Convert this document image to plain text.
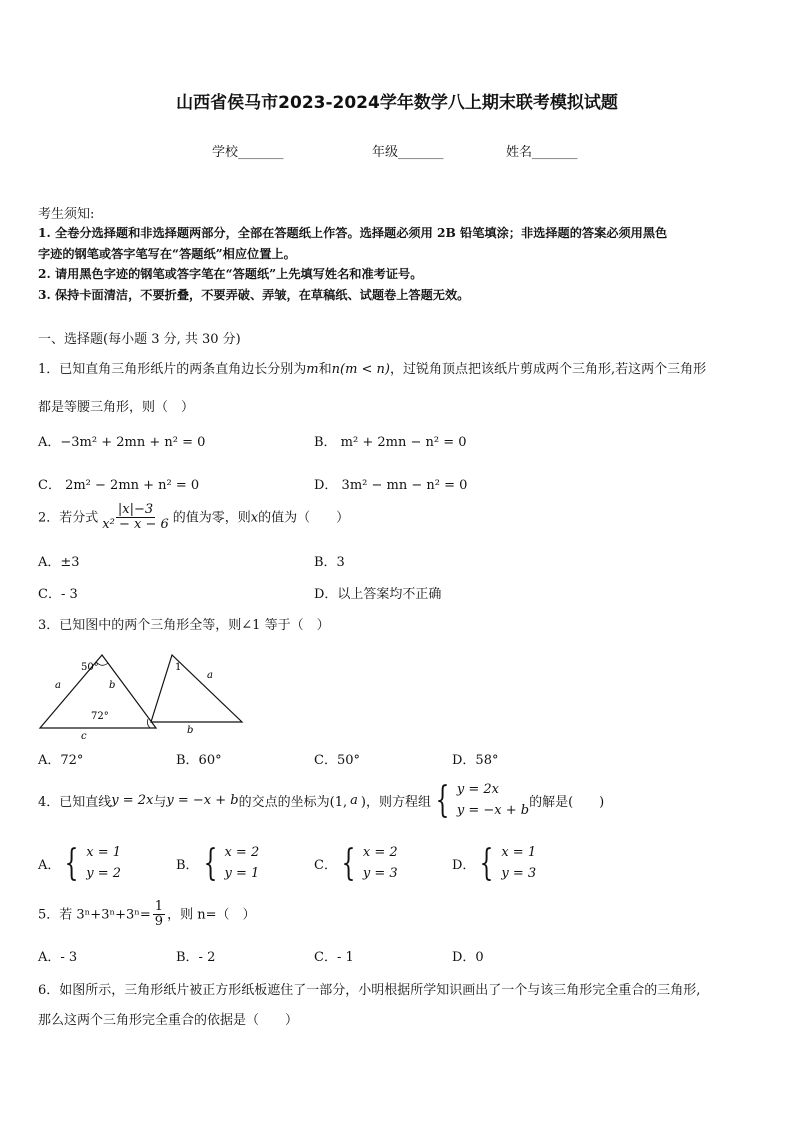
山西省侯马市2023-2024学年数学八上期末联考模拟试题
学校_______	年级_______	姓名_______
考生须知:
1. 全卷分选择题和非选择题两部分，全部在答题纸上作答。选择题必须用 2B 铅笔填涂；非选择题的答案必须用黑色
字迹的钢笔或答字笔写在“答题纸”相应位置上。
2. 请用黑色字迹的钢笔或答字笔在“答题纸”上先填写姓名和准考证号。
3. 保持卡面清洁，不要折叠，不要弄破、弄皱，在草稿纸、试题卷上答题无效。
一、选择题(每小题 3 分, 共 30 分)
1．已知直角三角形纸片的两条直角边长分别为m和n(m < n)，过锐角顶点把该纸片剪成两个三角形,若这两个三角形
都是等腰三角形，则（　）
A．−3m² + 2mn + n² = 0	B． m² + 2mn − n² = 0
C． 2m² − 2mn + n² = 0	D． 3m² − mn − n² = 0
2．若分式 $\frac{|x|-3}{\text{x² − x − 6}}$ 的值为零，则x的值为（　　）
A．±3	B．3
C．- 3	D．以上答案均不正确
3．已知图中的两个三角形全等，则∠1 等于（　）
50°
72°
a	b
c
1
a
b
A．72°	B．60°	C．50°	D．58°
4．已知直线 y = 2x 与 y = −x + b 的交点的坐标为(1, a )，则方程组 { y = 2x
y = −x + b 的解是(　　)
A． { x = 1
y = 2	B． { x = 2
y = 1	C． { x = 2
y = 3	D． { x = 1
y = 3
5．若 $3^n+3^n+3^n= \frac{1}{9}$ ，则 n=（　）
A．- 3	B．- 2	C．- 1	D．0
6．如图所示，三角形纸片被正方形纸板遮住了一部分，小明根据所学知识画出了一个与该三角形完全重合的三角形,
那么这两个三角形完全重合的依据是（　　）
